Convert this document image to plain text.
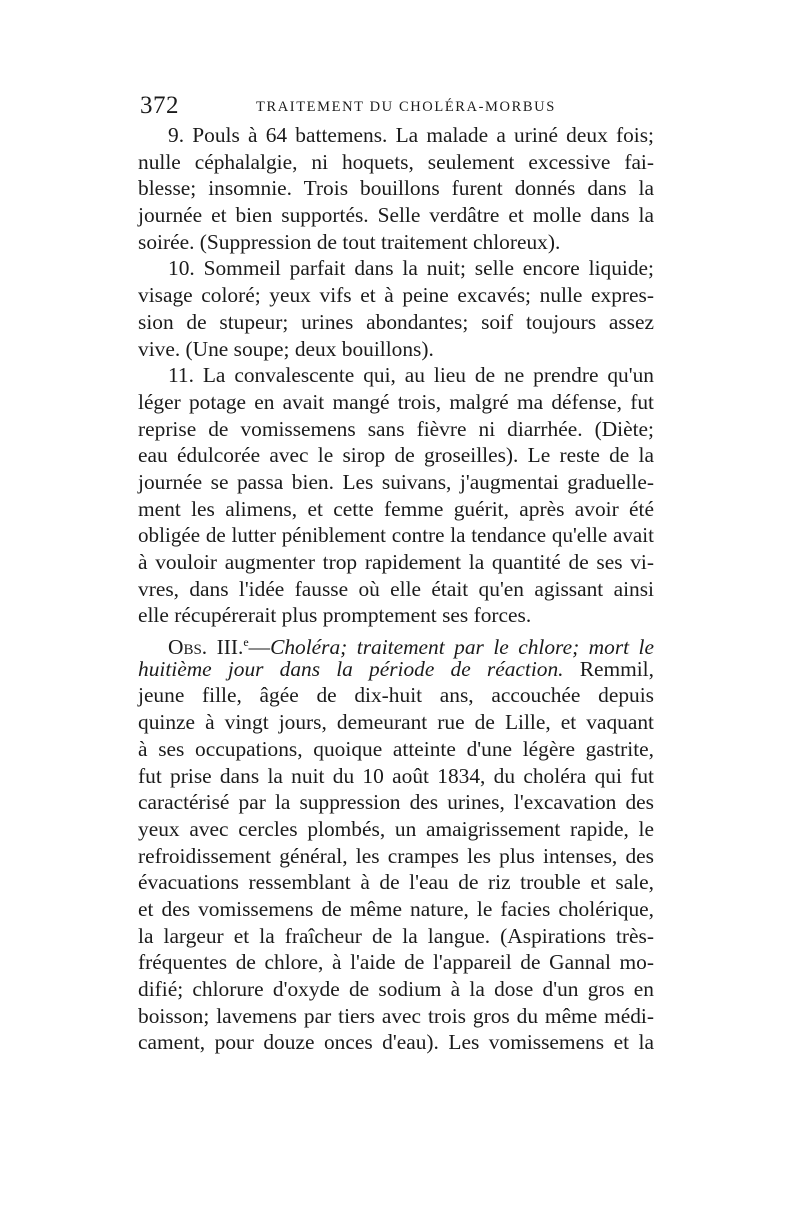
372	TRAITEMENT DU CHOLÉRA-MORBUS
9. Pouls à 64 battemens. La malade a uriné deux fois;
nulle céphalalgie, ni hoquets, seulement excessive fai-
blesse; insomnie. Trois bouillons furent donnés dans la
journée et bien supportés. Selle verdâtre et molle dans la
soirée. (Suppression de tout traitement chloreux).
10. Sommeil parfait dans la nuit; selle encore liquide;
visage coloré; yeux vifs et à peine excavés; nulle expres-
sion de stupeur; urines abondantes; soif toujours assez
vive. (Une soupe; deux bouillons).
11. La convalescente qui, au lieu de ne prendre qu'un
léger potage en avait mangé trois, malgré ma défense, fut
reprise de vomissemens sans fièvre ni diarrhée. (Diète;
eau édulcorée avec le sirop de groseilles). Le reste de la
journée se passa bien. Les suivans, j'augmentai graduelle-
ment les alimens, et cette femme guérit, après avoir été
obligée de lutter péniblement contre la tendance qu'elle avait
à vouloir augmenter trop rapidement la quantité de ses vi-
vres, dans l'idée fausse où elle était qu'en agissant ainsi
elle récupérerait plus promptement ses forces.
Obs. III.$^e$—Choléra; traitement par le chlore; mort le
huitième jour dans la période de réaction. Remmil,
jeune fille, âgée de dix-huit ans, accouchée depuis
quinze à vingt jours, demeurant rue de Lille, et vaquant
à ses occupations, quoique atteinte d'une légère gastrite,
fut prise dans la nuit du 10 août 1834, du choléra qui fut
caractérisé par la suppression des urines, l'excavation des
yeux avec cercles plombés, un amaigrissement rapide, le
refroidissement général, les crampes les plus intenses, des
évacuations ressemblant à de l'eau de riz trouble et sale,
et des vomissemens de même nature, le facies cholérique,
la largeur et la fraîcheur de la langue. (Aspirations très-
fréquentes de chlore, à l'aide de l'appareil de Gannal mo-
difié; chlorure d'oxyde de sodium à la dose d'un gros en
boisson; lavemens par tiers avec trois gros du même médi-
cament, pour douze onces d'eau). Les vomissemens et la
